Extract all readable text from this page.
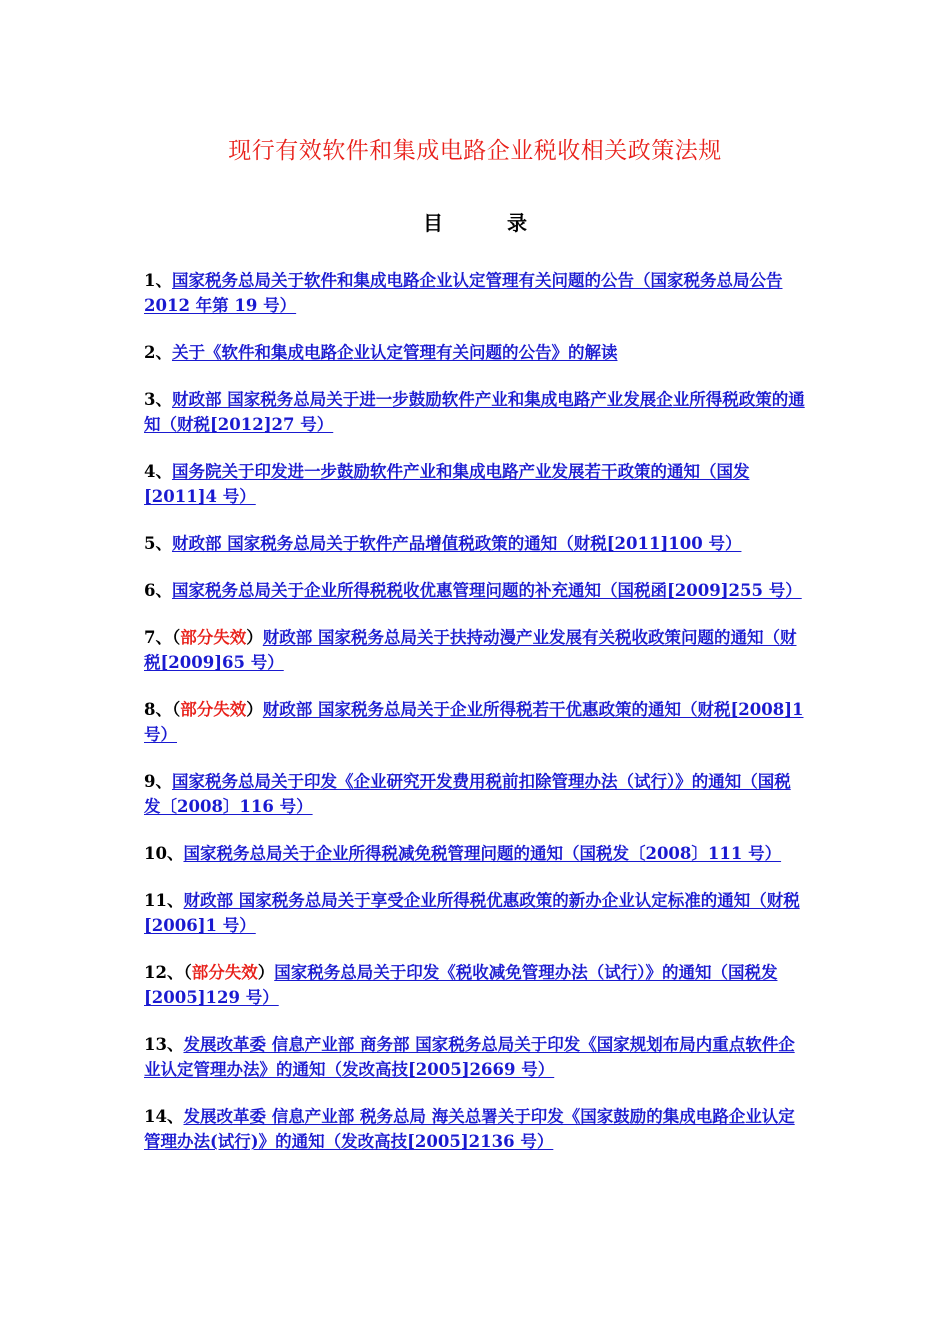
现行有效软件和集成电路企业税收相关政策法规
目	录
1、国家税务总局关于软件和集成电路企业认定管理有关问题的公告（国家税务总局公告 2012 年第 19 号）
2、关于《软件和集成电路企业认定管理有关问题的公告》的解读
3、财政部 国家税务总局关于进一步鼓励软件产业和集成电路产业发展企业所得税政策的通知（财税[2012]27 号）
4、国务院关于印发进一步鼓励软件产业和集成电路产业发展若干政策的通知（国发[2011]4 号）
5、财政部 国家税务总局关于软件产品增值税政策的通知（财税[2011]100 号）
6、国家税务总局关于企业所得税税收优惠管理问题的补充通知（国税函[2009]255 号）
7、（部分失效）财政部 国家税务总局关于扶持动漫产业发展有关税收政策问题的通知（财税[2009]65 号）
8、（部分失效）财政部 国家税务总局关于企业所得税若干优惠政策的通知（财税[2008]1 号）
9、国家税务总局关于印发《企业研究开发费用税前扣除管理办法（试行）》的通知（国税发〔2008〕116 号）
10、国家税务总局关于企业所得税减免税管理问题的通知（国税发〔2008〕111 号）
11、财政部 国家税务总局关于享受企业所得税优惠政策的新办企业认定标准的通知（财税[2006]1 号）
12、（部分失效）国家税务总局关于印发《税收减免管理办法（试行）》的通知（国税发[2005]129 号）
13、发展改革委 信息产业部 商务部 国家税务总局关于印发《国家规划布局内重点软件企业认定管理办法》的通知（发改高技[2005]2669 号）
14、发展改革委 信息产业部 税务总局 海关总署关于印发《国家鼓励的集成电路企业认定管理办法(试行)》的通知（发改高技[2005]2136 号）
